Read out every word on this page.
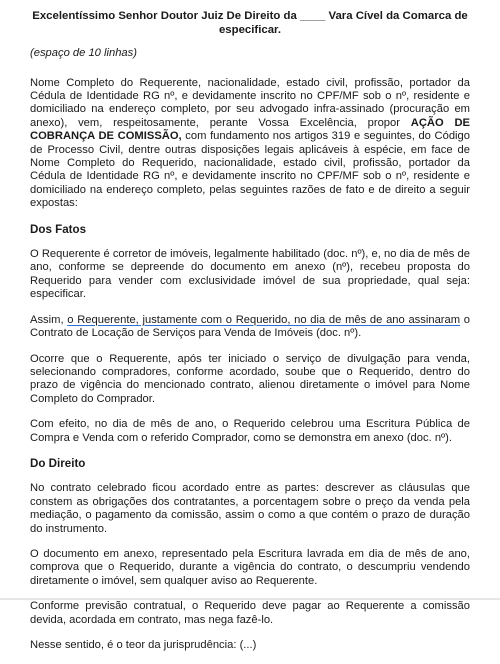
Excelentíssimo Senhor Doutor Juiz De Direito da ____ Vara Cível da Comarca de especificar.

(espaço de 10 linhas)

Nome Completo do Requerente, nacionalidade, estado civil, profissão, portador da Cédula de Identidade RG nº, e devidamente inscrito no CPF/MF sob o nº, residente e domiciliado na endereço completo, por seu advogado infra-assinado (procuração em anexo), vem, respeitosamente, perante Vossa Excelência, propor AÇÃO DE COBRANÇA DE COMISSÃO, com fundamento nos artigos 319 e seguintes, do Código de Processo Civil, dentre outras disposições legais aplicáveis à espécie, em face de Nome Completo do Requerido, nacionalidade, estado civil, profissão, portador da Cédula de Identidade RG nº, e devidamente inscrito no CPF/MF sob o nº, residente e domiciliado na endereço completo, pelas seguintes razões de fato e de direito a seguir expostas:

Dos Fatos

O Requerente é corretor de imóveis, legalmente habilitado (doc. nº), e, no dia de mês de ano, conforme se depreende do documento em anexo (nº), recebeu proposta do Requerido para vender com exclusividade imóvel de sua propriedade, qual seja: especificar.

Assim, o Requerente, justamente com o Requerido, no dia de mês de ano assinaram o Contrato de Locação de Serviços para Venda de Imóveis (doc. nº).

Ocorre que o Requerente, após ter iniciado o serviço de divulgação para venda, selecionando compradores, conforme acordado, soube que o Requerido, dentro do prazo de vigência do mencionado contrato, alienou diretamente o imóvel para Nome Completo do Comprador.

Com efeito, no dia de mês de ano, o Requerido celebrou uma Escritura Pública de Compra e Venda com o referido Comprador, como se demonstra em anexo (doc. nº).

Do Direito

No contrato celebrado ficou acordado entre as partes: descrever as cláusulas que constem as obrigações dos contratantes, a porcentagem sobre o preço da venda pela mediação, o pagamento da comissão, assim o como a que contém o prazo de duração do instrumento.

O documento em anexo, representado pela Escritura lavrada em dia de mês de ano, comprova que o Requerido, durante a vigência do contrato, o descumpriu vendendo diretamente o imóvel, sem qualquer aviso ao Requerente.

Conforme previsão contratual, o Requerido deve pagar ao Requerente a comissão devida, acordada em contrato, mas nega fazê-lo.

Nesse sentido, é o teor da jurisprudência: (...)
